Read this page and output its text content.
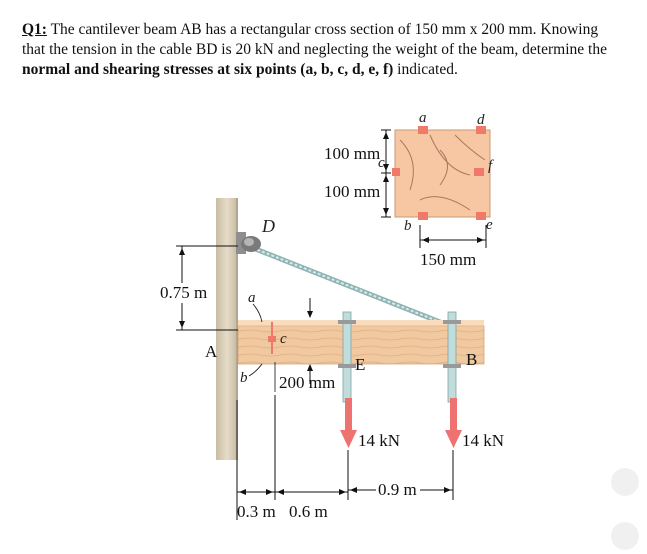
Q1: The cantilever beam AB has a rectangular cross section of 150 mm x 200 mm. Knowing
that the tension in the cable BD is 20 kN and neglecting the weight of the beam, determine the
normal and shearing stresses at six points (a, b, c, d, e, f) indicated.
a	d
c	f
b	e
100 mm
100 mm
150 mm
D
14 kN	14 kN
A	B
E
a
b
c
200 mm
0.75 m
0.3 m 0.6 m
0.9 m
